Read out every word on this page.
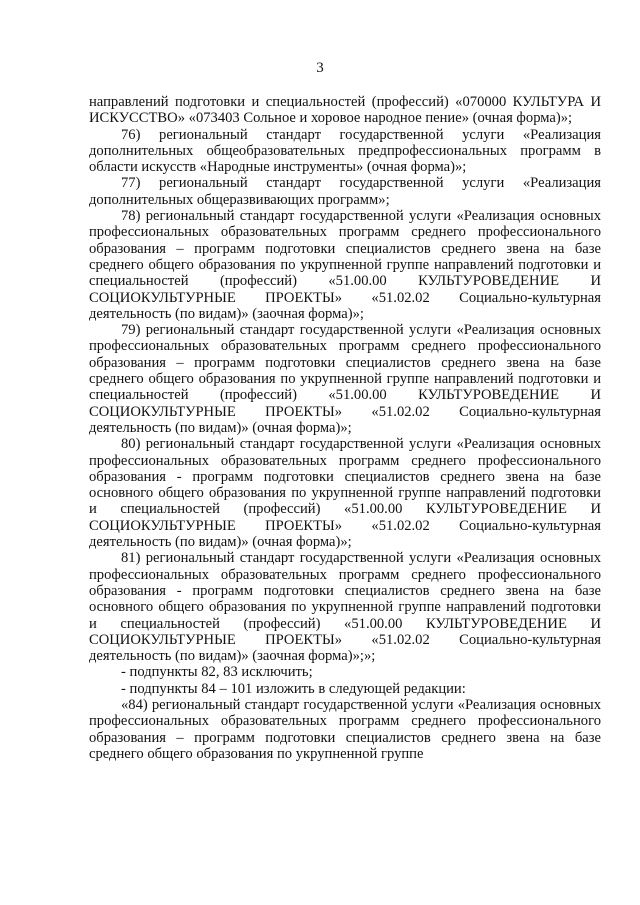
3

направлений подготовки и специальностей (профессий) «070000 КУЛЬТУРА И ИСКУССТВО» «073403 Сольное и хоровое народное пение» (очная форма)»;

76) региональный стандарт государственной услуги «Реализация дополнительных общеобразовательных предпрофессиональных программ в области искусств «Народные инструменты» (очная форма)»;

77) региональный стандарт государственной услуги «Реализация дополнительных общеразвивающих программ»;

78) региональный стандарт государственной услуги «Реализация основных профессиональных образовательных программ среднего профессионального образования – программ подготовки специалистов среднего звена на базе среднего общего образования по укрупненной группе направлений подготовки и специальностей (профессий) «51.00.00 КУЛЬТУРОВЕДЕНИЕ И СОЦИОКУЛЬТУРНЫЕ ПРОЕКТЫ» «51.02.02 Социально-культурная деятельность (по видам)» (заочная форма)»;

79) региональный стандарт государственной услуги «Реализация основных профессиональных образовательных программ среднего профессионального образования – программ подготовки специалистов среднего звена на базе среднего общего образования по укрупненной группе направлений подготовки и специальностей (профессий) «51.00.00 КУЛЬТУРОВЕДЕНИЕ И СОЦИОКУЛЬТУРНЫЕ ПРОЕКТЫ» «51.02.02 Социально-культурная деятельность (по видам)» (очная форма)»;

80) региональный стандарт государственной услуги «Реализация основных профессиональных образовательных программ среднего профессионального образования - программ подготовки специалистов среднего звена на базе основного общего образования по укрупненной группе направлений подготовки и специальностей (профессий) «51.00.00 КУЛЬТУРОВЕДЕНИЕ И СОЦИОКУЛЬТУРНЫЕ ПРОЕКТЫ» «51.02.02 Социально-культурная деятельность (по видам)» (очная форма)»;

81) региональный стандарт государственной услуги «Реализация основных профессиональных образовательных программ среднего профессионального образования - программ подготовки специалистов среднего звена на базе основного общего образования по укрупненной группе направлений подготовки и специальностей (профессий) «51.00.00 КУЛЬТУРОВЕДЕНИЕ И СОЦИОКУЛЬТУРНЫЕ ПРОЕКТЫ» «51.02.02 Социально-культурная деятельность (по видам)» (заочная форма)»;»;

- подпункты 82, 83 исключить;

- подпункты 84 – 101 изложить в следующей редакции:

«84) региональный стандарт государственной услуги «Реализация основных профессиональных образовательных программ среднего профессионального образования – программ подготовки специалистов среднего звена на базе среднего общего образования по укрупненной группе
